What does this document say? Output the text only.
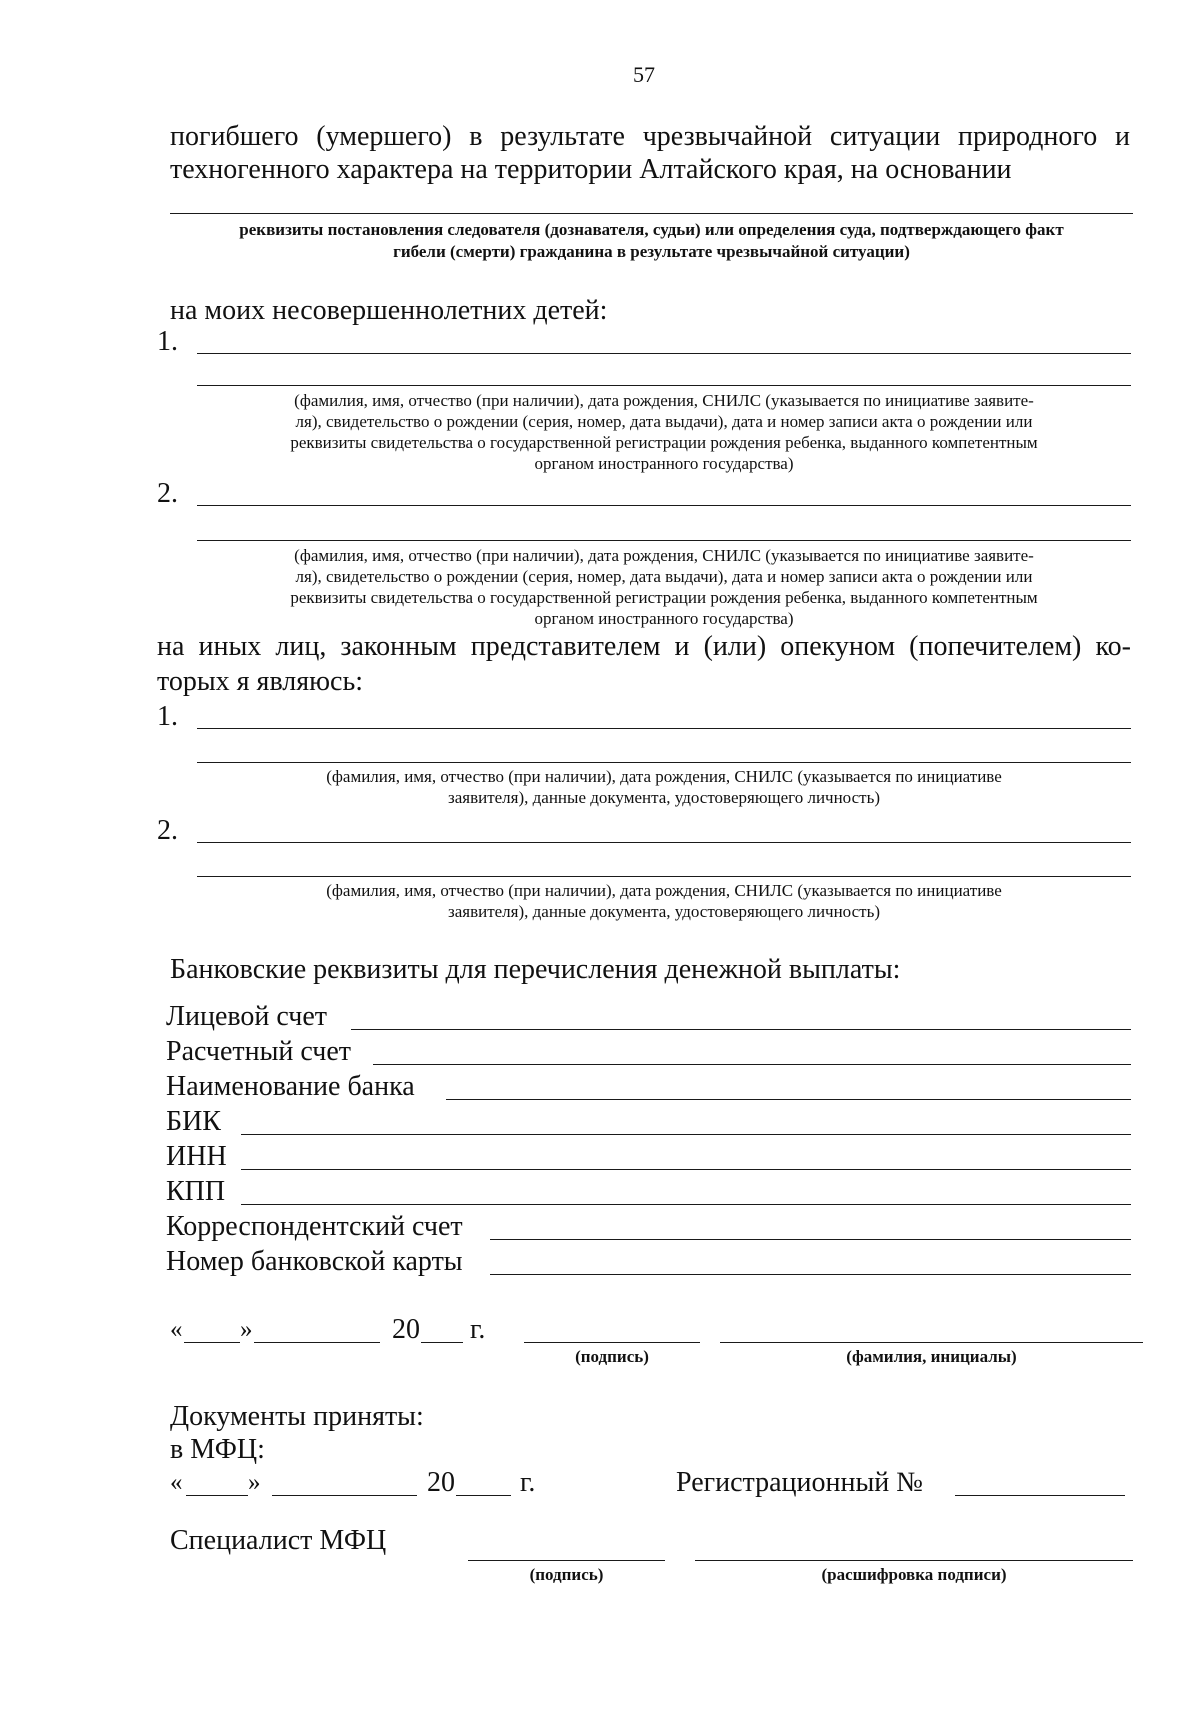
57
погибшего (умершего) в результате чрезвычайной ситуации природного и
техногенного характера на территории Алтайского края, на основании
реквизиты постановления следователя (дознавателя, судьи) или определения суда, подтверждающего факт
гибели (смерти) гражданина в результате чрезвычайной ситуации)
на моих несовершеннолетних детей:
1.
(фамилия, имя, отчество (при наличии), дата рождения, СНИЛС (указывается по инициативе заявите-
ля), свидетельство о рождении (серия, номер, дата выдачи), дата и номер записи акта о рождении или
реквизиты свидетельства о государственной регистрации рождения ребенка, выданного компетентным
органом иностранного государства)
2.
(фамилия, имя, отчество (при наличии), дата рождения, СНИЛС (указывается по инициативе заявите-
ля), свидетельство о рождении (серия, номер, дата выдачи), дата и номер записи акта о рождении или
реквизиты свидетельства о государственной регистрации рождения ребенка, выданного компетентным
органом иностранного государства)
на иных лиц, законным представителем и (или) опекуном (попечителем) ко-
торых я являюсь:
1.
(фамилия, имя, отчество (при наличии), дата рождения, СНИЛС (указывается по инициативе
заявителя), данные документа, удостоверяющего личность)
2.
(фамилия, имя, отчество (при наличии), дата рождения, СНИЛС (указывается по инициативе
заявителя), данные документа, удостоверяющего личность)
Банковские реквизиты для перечисления денежной выплаты:
Лицевой счет
Расчетный счет
Наименование банка
БИК
ИНН
КПП
Корреспондентский счет
Номер банковской карты
« »	20 г.
(подпись)	(фамилия, инициалы)
Документы приняты:
в МФЦ:
«	»	20 г.	Регистрационный №
Специалист МФЦ
(подпись)	(расшифровка подписи)
